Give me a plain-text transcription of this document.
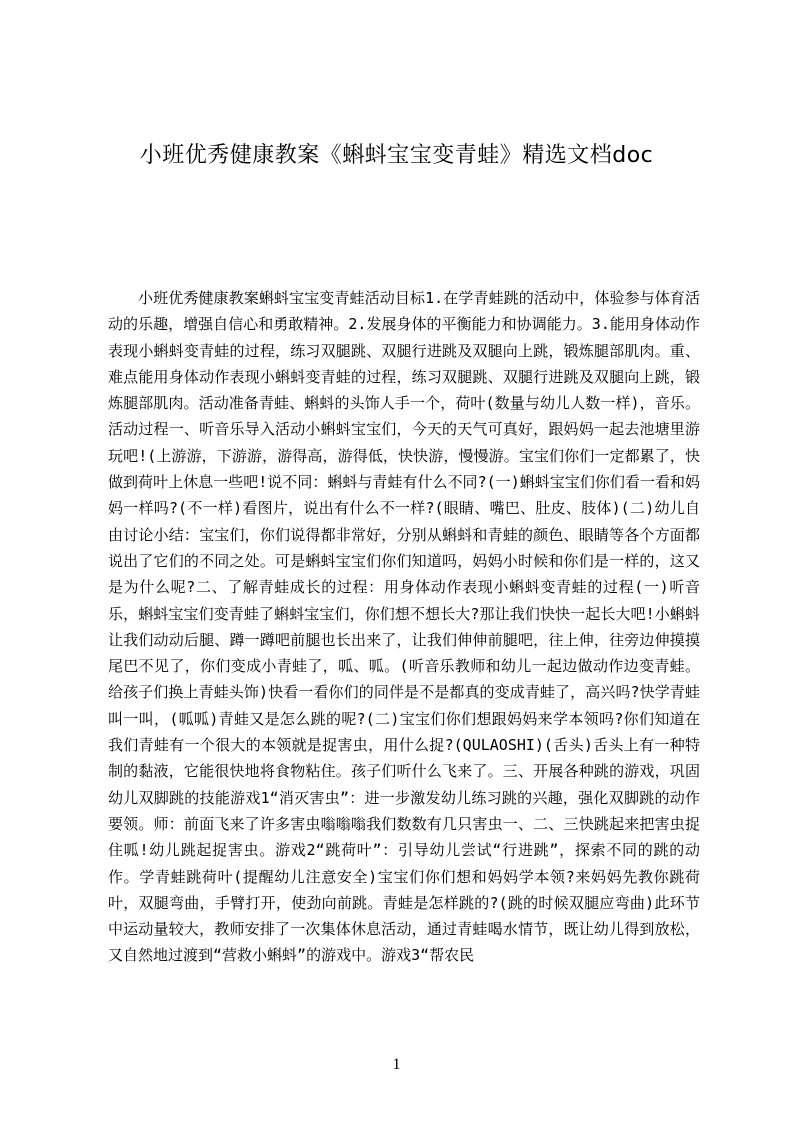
小班优秀健康教案《蝌蚪宝宝变青蛙》精选文档doc

小班优秀健康教案蝌蚪宝宝变青蛙活动目标1.在学青蛙跳的活动中，体验参与体育活动的乐趣，增强自信心和勇敢精神。2.发展身体的平衡能力和协调能力。3.能用身体动作表现小蝌蚪变青蛙的过程，练习双腿跳、双腿行进跳及双腿向上跳，锻炼腿部肌肉。重、难点能用身体动作表现小蝌蚪变青蛙的过程，练习双腿跳、双腿行进跳及双腿向上跳，锻炼腿部肌肉。活动准备青蛙、蝌蚪的头饰人手一个，荷叶(数量与幼儿人数一样)，音乐。活动过程一、听音乐导入活动小蝌蚪宝宝们，今天的天气可真好，跟妈妈一起去池塘里游玩吧!(上游游，下游游，游得高，游得低，快快游，慢慢游。宝宝们你们一定都累了，快做到荷叶上休息一些吧!说不同：蝌蚪与青蛙有什么不同?(一)蝌蚪宝宝们你们看一看和妈妈一样吗?(不一样)看图片，说出有什么不一样?(眼睛、嘴巴、肚皮、肢体)(二)幼儿自由讨论小结：宝宝们，你们说得都非常好，分别从蝌蚪和青蛙的颜色、眼睛等各个方面都说出了它们的不同之处。可是蝌蚪宝宝们你们知道吗，妈妈小时候和你们是一样的，这又是为什么呢?二、了解青蛙成长的过程：用身体动作表现小蝌蚪变青蛙的过程(一)听音乐，蝌蚪宝宝们变青蛙了蝌蚪宝宝们，你们想不想长大?那让我们快快一起长大吧!小蝌蚪让我们动动后腿、蹲一蹲吧前腿也长出来了，让我们伸伸前腿吧，往上伸，往旁边伸摸摸尾巴不见了，你们变成小青蛙了，呱、呱。(听音乐教师和幼儿一起边做动作边变青蛙。给孩子们换上青蛙头饰)快看一看你们的同伴是不是都真的变成青蛙了，高兴吗?快学青蛙叫一叫，(呱呱)青蛙又是怎么跳的呢?(二)宝宝们你们想跟妈妈来学本领吗?你们知道在我们青蛙有一个很大的本领就是捉害虫，用什么捉?(QULAOSHI)(舌头)舌头上有一种特制的黏液，它能很快地将食物粘住。孩子们听什么飞来了。三、开展各种跳的游戏，巩固幼儿双脚跳的技能游戏1“消灭害虫”：进一步激发幼儿练习跳的兴趣，强化双脚跳的动作要领。师：前面飞来了许多害虫嗡嗡嗡我们数数有几只害虫一、二、三快跳起来把害虫捉住呱!幼儿跳起捉害虫。游戏2“跳荷叶”：引导幼儿尝试“行进跳”，探索不同的跳的动作。学青蛙跳荷叶(提醒幼儿注意安全)宝宝们你们想和妈妈学本领?来妈妈先教你跳荷叶，双腿弯曲，手臂打开，使劲向前跳。青蛙是怎样跳的?(跳的时候双腿应弯曲)此环节中运动量较大，教师安排了一次集体休息活动，通过青蛙喝水情节，既让幼儿得到放松，又自然地过渡到“营救小蝌蚪”的游戏中。游戏3“帮农民

1
